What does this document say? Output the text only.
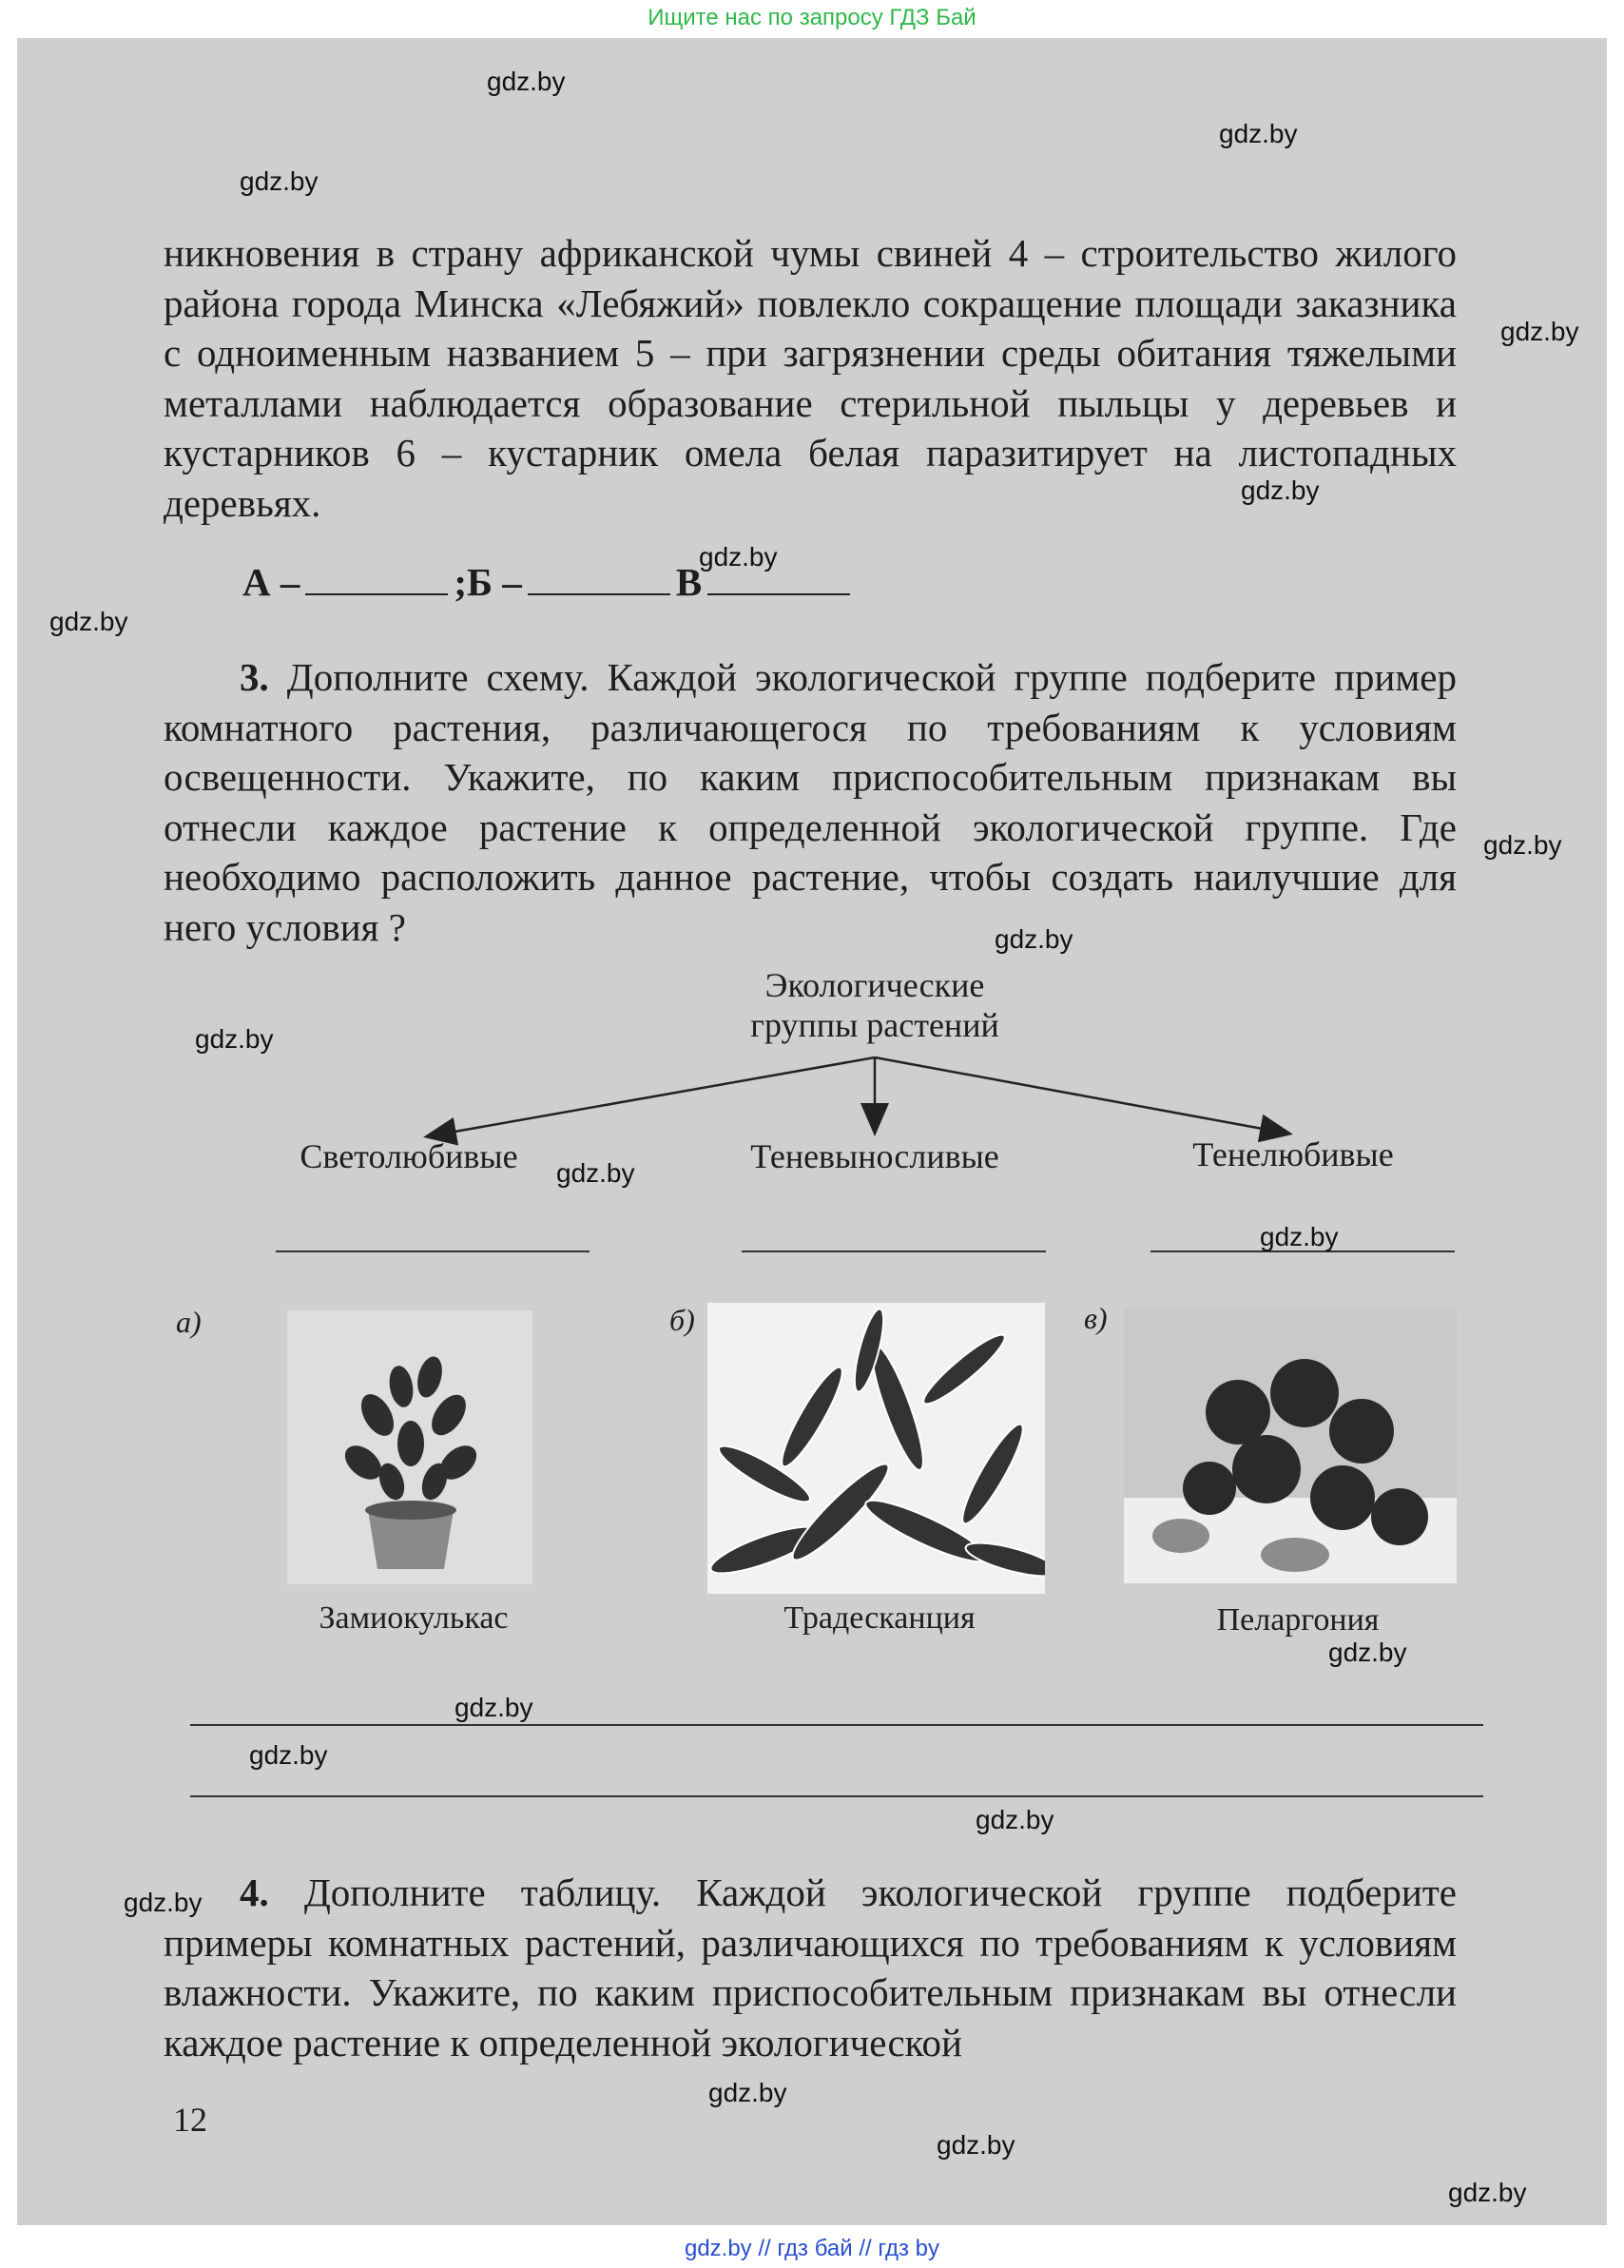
Ищите нас по запросу ГДЗ Бай

никновения в страну африканской чумы свиней 4 – строительство жилого района города Минска «Лебяжий» повлекло сокращение площади заказника с одноименным названием 5 – при загрязнении среды обитания тяжелыми металлами наблюдается образование стерильной пыльцы у деревьев и кустарников 6 – кустарник омела белая паразитирует на листопадных деревьях.

А –	;Б –	В

3. Дополните схему. Каждой экологической группе подберите пример комнатного растения, различающегося по требованиям к условиям освещенности. Укажите, по каким приспособительным признакам вы отнесли каждое растение к определенной экологической группе. Где необходимо расположить данное растение, чтобы создать наилучшие для него условия ?

Экологические
группы растений
Светолюбивые	Теневыносливые	Тенелюбивые
а)
Замиокулькас
б)
Традесканция
в)
Пеларгония

4. Дополните таблицу. Каждой экологической группе подберите примеры комнатных растений, различающихся по требованиям к условиям влажности. Укажите, по каким приспособительным признакам вы отнесли каждое растение к определенной экологической

12
gdz.by
gdz.by
gdz.by
gdz.by
gdz.by
gdz.by
gdz.by
gdz.by
gdz.by
gdz.by
gdz.by
gdz.by
gdz.by
gdz.by
gdz.by
gdz.by
gdz.by
gdz.by
gdz.by
gdz.by
gdz.by // гдз бай // гдз by
